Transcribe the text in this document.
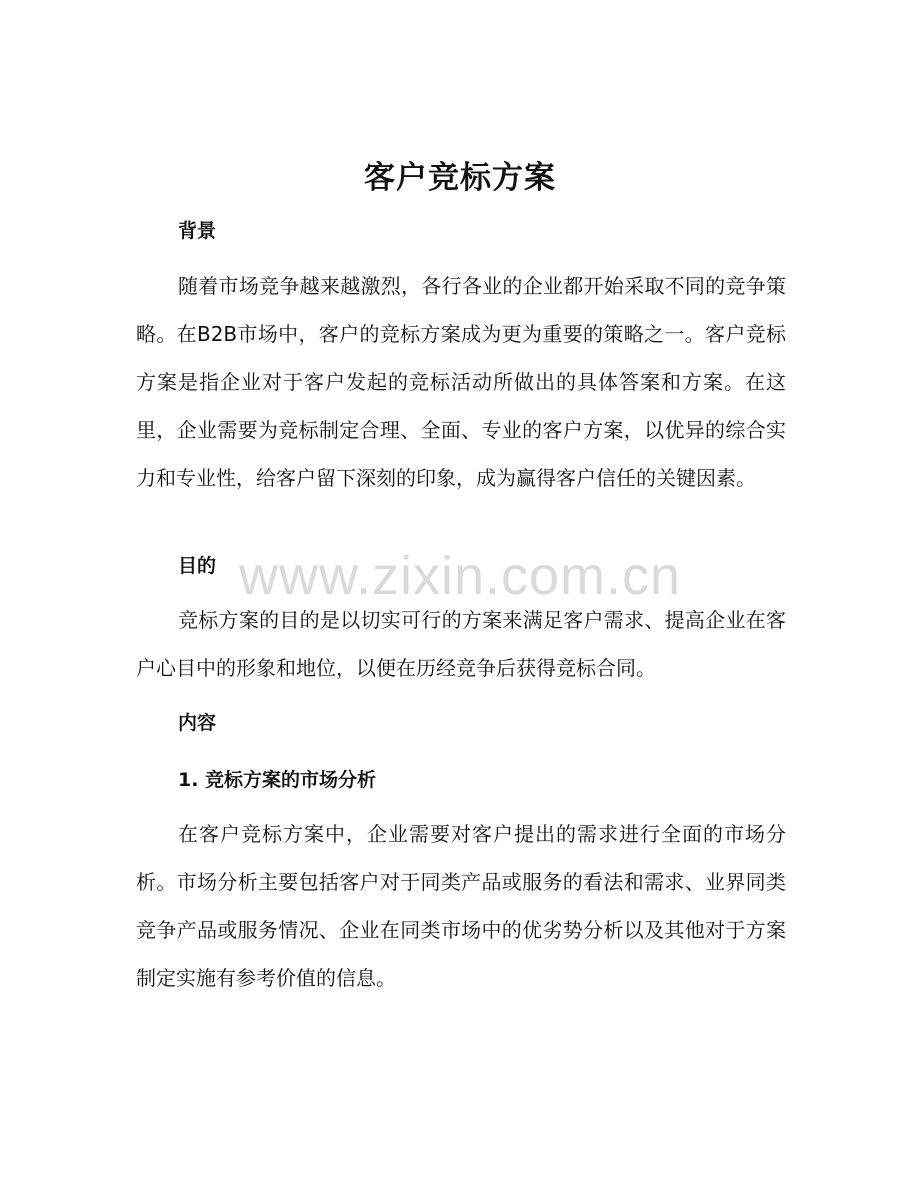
客户竞标方案
背景

随着市场竞争越来越激烈，各行各业的企业都开始采取不同的竞争策略。在B2B市场中，客户的竞标方案成为更为重要的策略之一。客户竞标方案是指企业对于客户发起的竞标活动所做出的具体答案和方案。在这里，企业需要为竞标制定合理、全面、专业的客户方案，以优异的综合实力和专业性，给客户留下深刻的印象，成为赢得客户信任的关键因素。

目的

竞标方案的目的是以切实可行的方案来满足客户需求、提高企业在客户心目中的形象和地位，以便在历经竞争后获得竞标合同。

内容
1. 竞标方案的市场分析

在客户竞标方案中，企业需要对客户提出的需求进行全面的市场分析。市场分析主要包括客户对于同类产品或服务的看法和需求、业界同类竞争产品或服务情况、企业在同类市场中的优劣势分析以及其他对于方案制定实施有参考价值的信息。

www.zixin.com.cn
